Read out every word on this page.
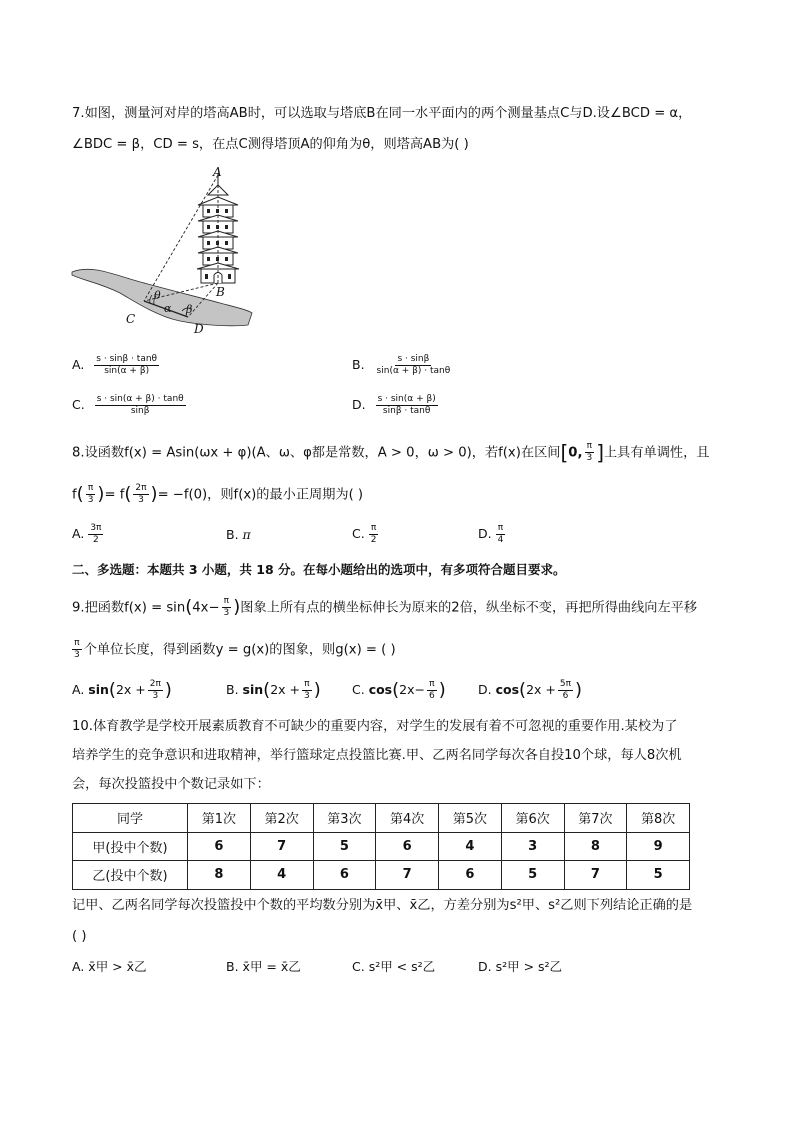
7.如图，测量河对岸的塔高AB时，可以选取与塔底B在同一水平面内的两个测量基点C与D.设∠BCD = α，
∠BDC = β，CD = s，在点C测得塔顶A的仰角为θ，则塔高AB为( )
A
B
C
D
θ
α β
A. $\frac{s \cdot \sin\beta \cdot \tan\theta}{\sin(\alpha + \beta)}$	B. $\frac{s \cdot \sin\beta}{\sin(\alpha + \beta) \cdot \tan\theta}$
C. $\frac{s \cdot \sin(\alpha + \beta) \cdot \tan\theta}{\sin\beta}$	D. $\frac{s \cdot \sin(\alpha + \beta)}{\sin\beta \cdot \tan\theta}$
8.设函数f(x) = Asin(ωx + φ)(A、ω、φ都是常数，A > 0，ω > 0)，若f(x)在区间[0, $\frac{\pi}{3}$ ]上具有单调性，且
$f( \frac{\pi}{3}$ )= $f( \frac{2\pi}{3}$ )= −f(0)，则f(x)的最小正周期为( )
A. $\frac{3\pi}{2}$	B. π	C. $\frac{\pi}{2}$	D. $\frac{\pi}{4}$
二、多选题：本题共 3 小题，共 18 分。在每小题给出的选项中，有多项符合题目要求。
9.把函数$f(x) = \sin(4x- \frac{\pi}{3}$ )图象上所有点的横坐标伸长为原来的2倍，纵坐标不变，再把所得曲线向左平移
$\frac{\pi}{3}$ 个单位长度，得到函数y = g(x)的图象，则g(x) = ( )
A. $\sin(2x + \frac{2\pi}{3}$ )	B. $\sin(2x + \frac{\pi}{3}$ ) C. $\cos(2x- \frac{\pi}{6}$ )	D. $\cos(2x + \frac{5\pi}{6}$ )
10.体育教学是学校开展素质教育不可缺少的重要内容，对学生的发展有着不可忽视的重要作用.某校为了
培养学生的竞争意识和进取精神，举行篮球定点投篮比赛.甲、乙两名同学每次各自投10个球，每人8次机
会，每次投篮投中个数记录如下：
同学	第1次	第2次	第3次	第4次	第5次	第6次	第7次	第8次
甲(投中个数)	6	7	5	6	4	3	8	9
乙(投中个数)	8	4	6	7	6	5	7	5
记甲、乙两名同学每次投篮投中个数的平均数分别为x̄甲、x̄乙，方差分别为s²甲、s²乙则下列结论正确的是
( )
A. x̄甲 > x̄乙	B. x̄甲 = x̄乙	C. s²甲 < s²乙	D. s²甲 > s²乙
